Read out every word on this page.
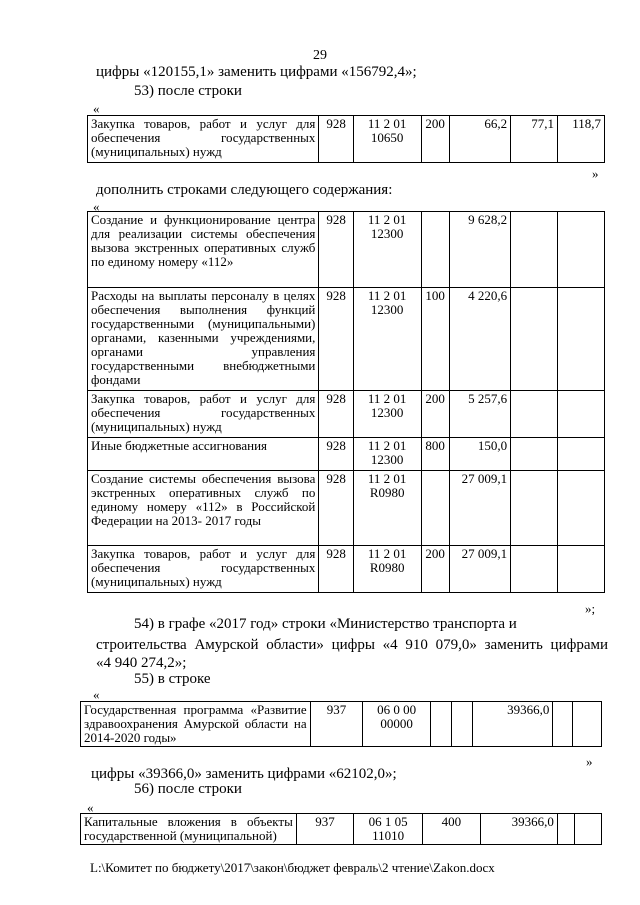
29
цифры «120155,1» заменить цифрами «156792,4»;
53) после строки
«
Закупка товаров, работ и услуг для обеспечения государственных (муниципальных) нужд	928	11 2 01 10650	200	66,2	77,1	118,7
»
дополнить строками следующего содержания:
«
Создание и функционирование центра для реализации системы обеспечения вызова экстренных оперативных служб по единому номеру «112»	928	11 2 01 12300		9 628,2		
Расходы на выплаты персоналу в целях обеспечения выполнения функций государственными (муниципальными) органами, казенными учреждениями, органами управления государственными внебюджетными фондами	928	11 2 01 12300	100	4 220,6		
Закупка товаров, работ и услуг для обеспечения государственных (муниципальных) нужд	928	11 2 01 12300	200	5 257,6		
Иные бюджетные ассигнования	928	11 2 01 12300	800	150,0		
Создание системы обеспечения вызова экстренных оперативных служб по единому номеру «112» в Российской Федерации на 2013- 2017 годы	928	11 2 01 R0980		27 009,1		
Закупка товаров, работ и услуг для обеспечения государственных (муниципальных) нужд	928	11 2 01 R0980	200	27 009,1		
»;
54) в графе «2017 год» строки «Министерство транспорта и
строительства Амурской области» цифры «4 910 079,0» заменить цифрами
«4 940 274,2»;
55) в строке
«
Государственная программа «Развитие здравоохранения Амурской области на 2014-2020 годы»	937	06 0 00 00000			39366,0		
»
цифры «39366,0» заменить цифрами «62102,0»;
56) после строки
«
Капитальные вложения в объекты государственной (муниципальной)	937	06 1 05 11010	400	39366,0		
L:\Комитет по бюджету\2017\закон\бюджет февраль\2 чтение\Zakon.docx
